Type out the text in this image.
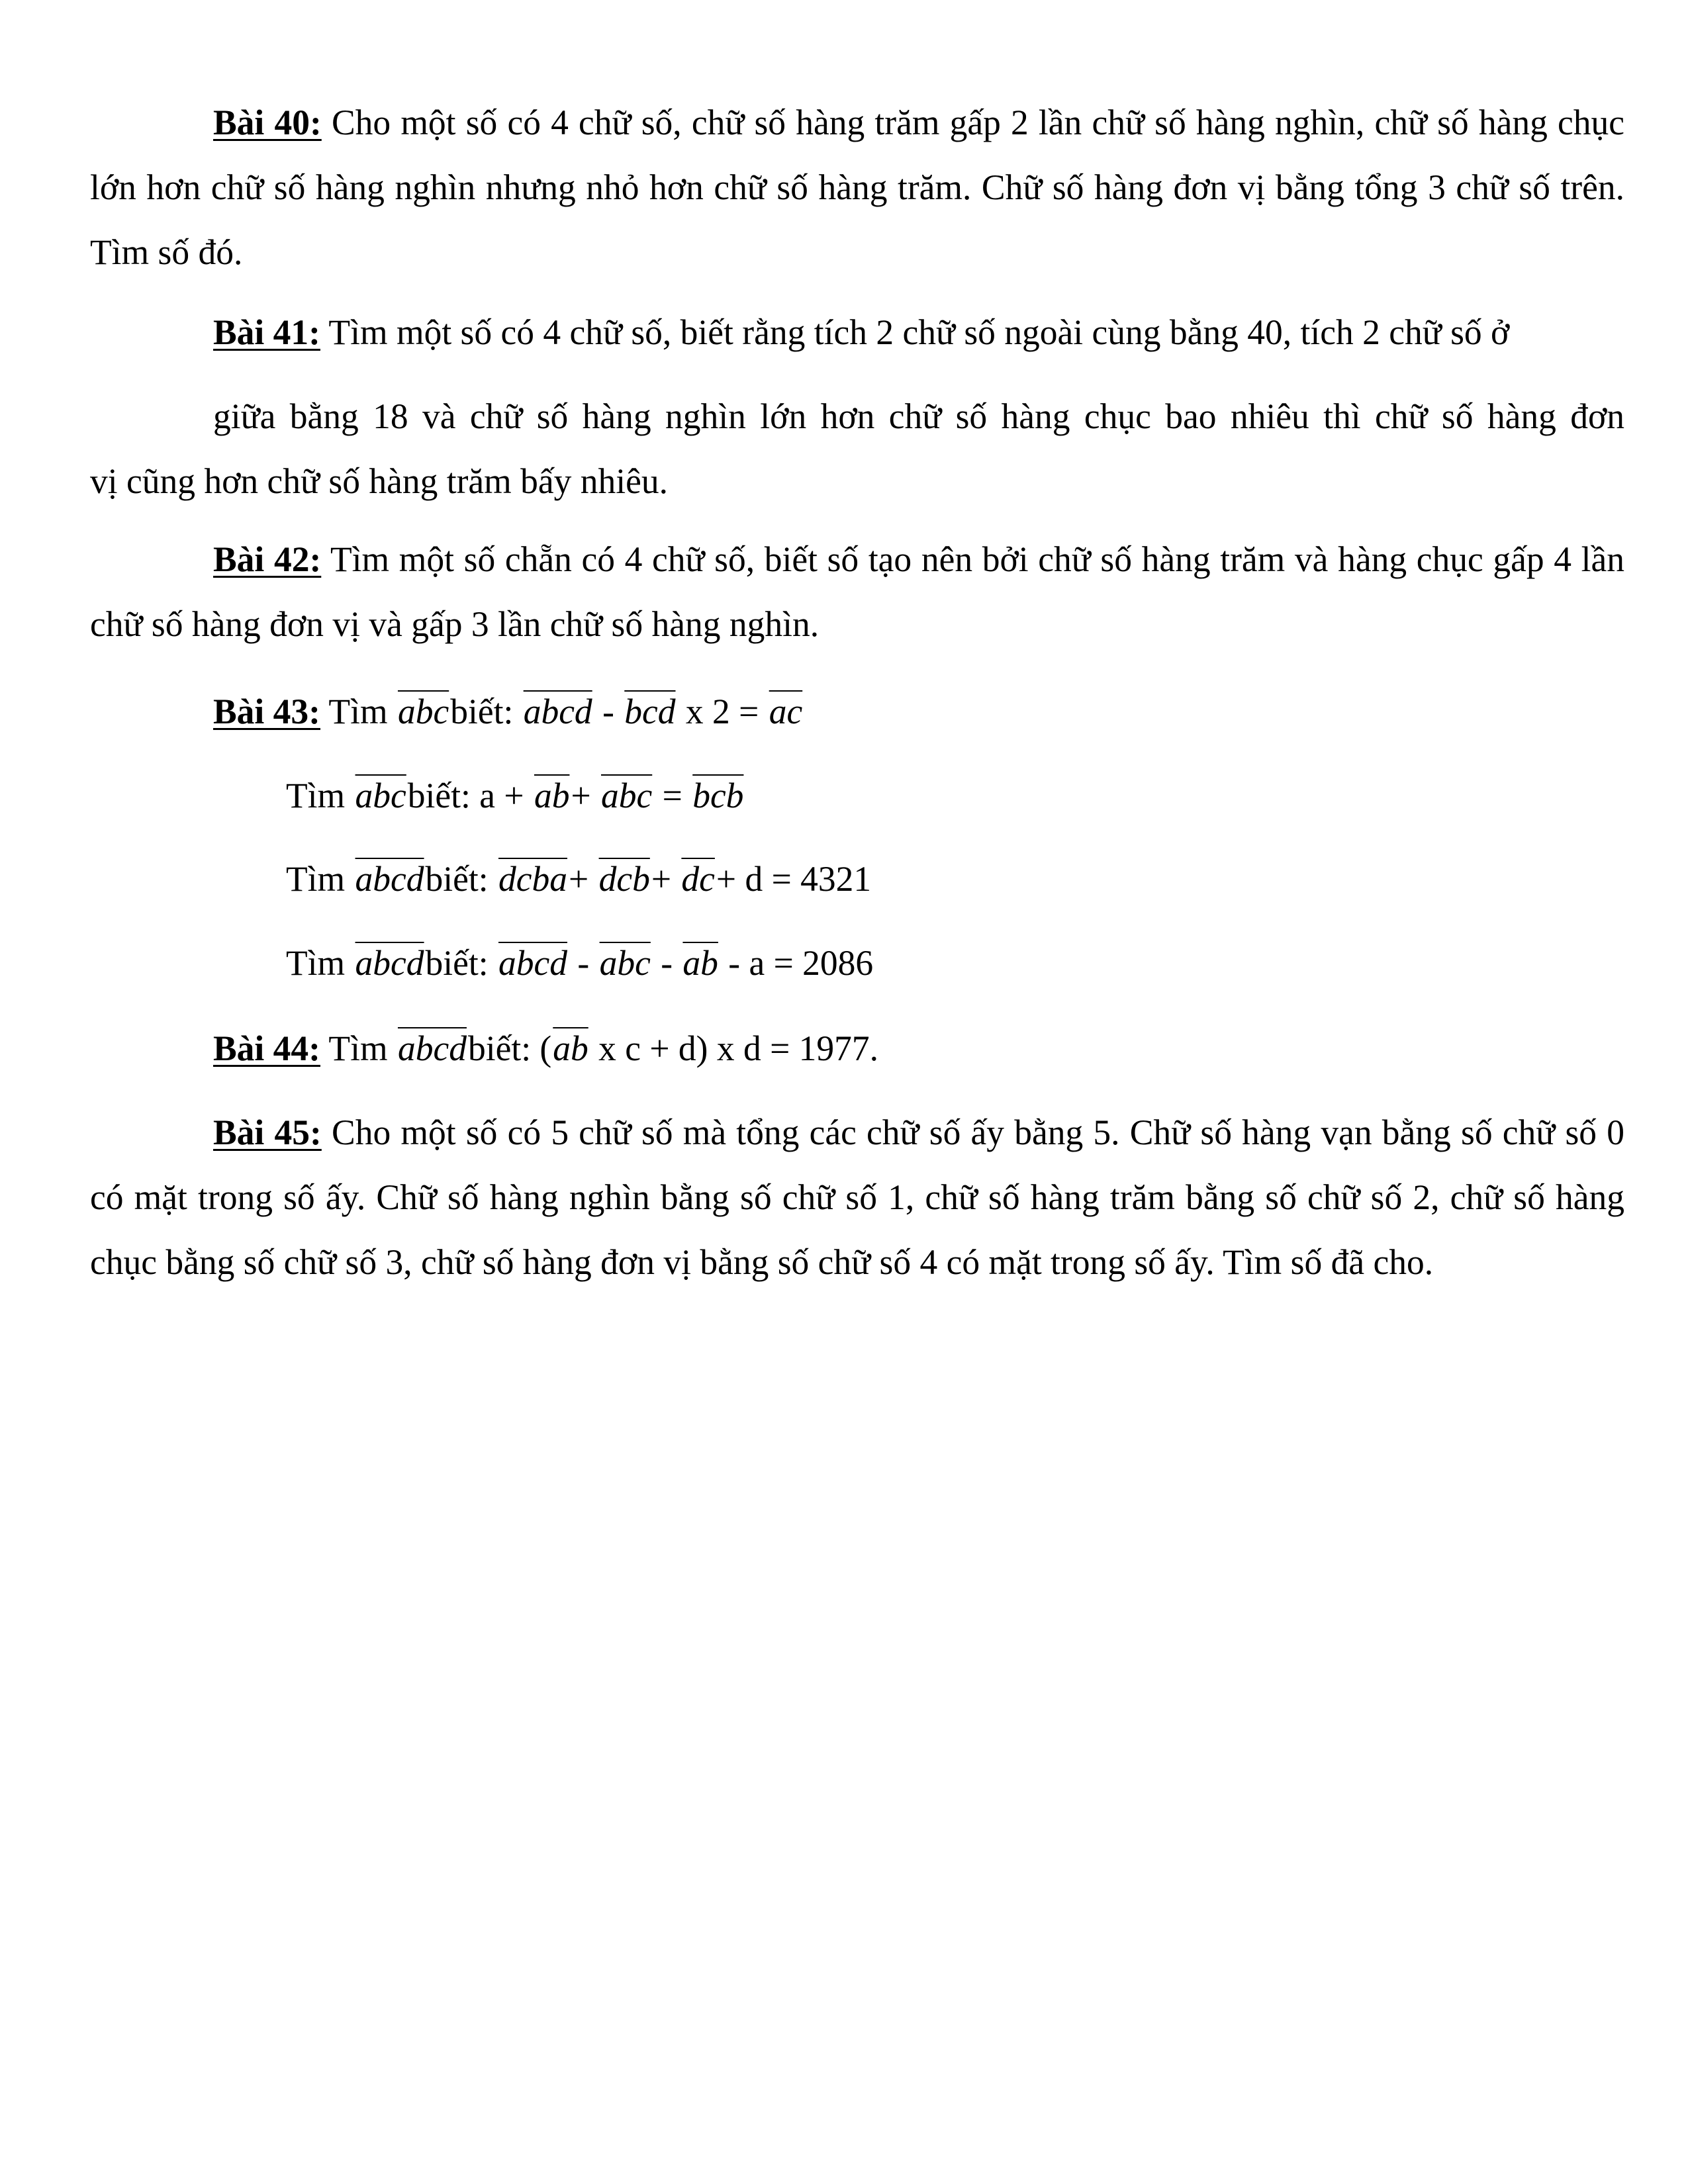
Bài 40: Cho một số có 4 chữ số, chữ số hàng trăm gấp 2 lần chữ số hàng nghìn, chữ số hàng chục lớn hơn chữ số hàng nghìn nhưng nhỏ hơn chữ số hàng trăm. Chữ số hàng đơn vị bằng tổng 3 chữ số trên. Tìm số đó.
Bài 41: Tìm một số có 4 chữ số, biết rằng tích 2 chữ số ngoài cùng bằng 40, tích 2 chữ số ở
giữa bằng 18 và chữ số hàng nghìn lớn hơn chữ số hàng chục bao nhiêu thì chữ số hàng đơn
vị cũng hơn chữ số hàng trăm bấy nhiêu.
Bài 42: Tìm một số chẵn có 4 chữ số, biết số tạo nên bởi chữ số hàng trăm và hàng chục gấp 4 lần chữ số hàng đơn vị và gấp 3 lần chữ số hàng nghìn.
Bài 43: Tìm $\overline{abc}biết$: abcd - $\overline{bcd}$ x $2 = \overline{ac}$
Tìm $\overline{abc}biết$: $a + \overline{ab}+ \overline{abc} = \overline{bcb}$
Tìm abcdbiết: dcba+ $\overline{dcb}+ \overline{dc}+ d = 4321$
Tìm abcdbiết: abcd - $\overline{abc} - \overline{ab} - a = 2086$
Bài 44: Tìm abcdbiết: ($\overline{ab}$ x c + d) x d = 1977.
Bài 45: Cho một số có 5 chữ số mà tổng các chữ số ấy bằng 5. Chữ số hàng vạn bằng số chữ số 0 có mặt trong số ấy. Chữ số hàng nghìn bằng số chữ số 1, chữ số hàng trăm bằng số chữ số 2, chữ số hàng chục bằng số chữ số 3, chữ số hàng đơn vị bằng số chữ số 4 có mặt trong số ấy. Tìm số đã cho.
